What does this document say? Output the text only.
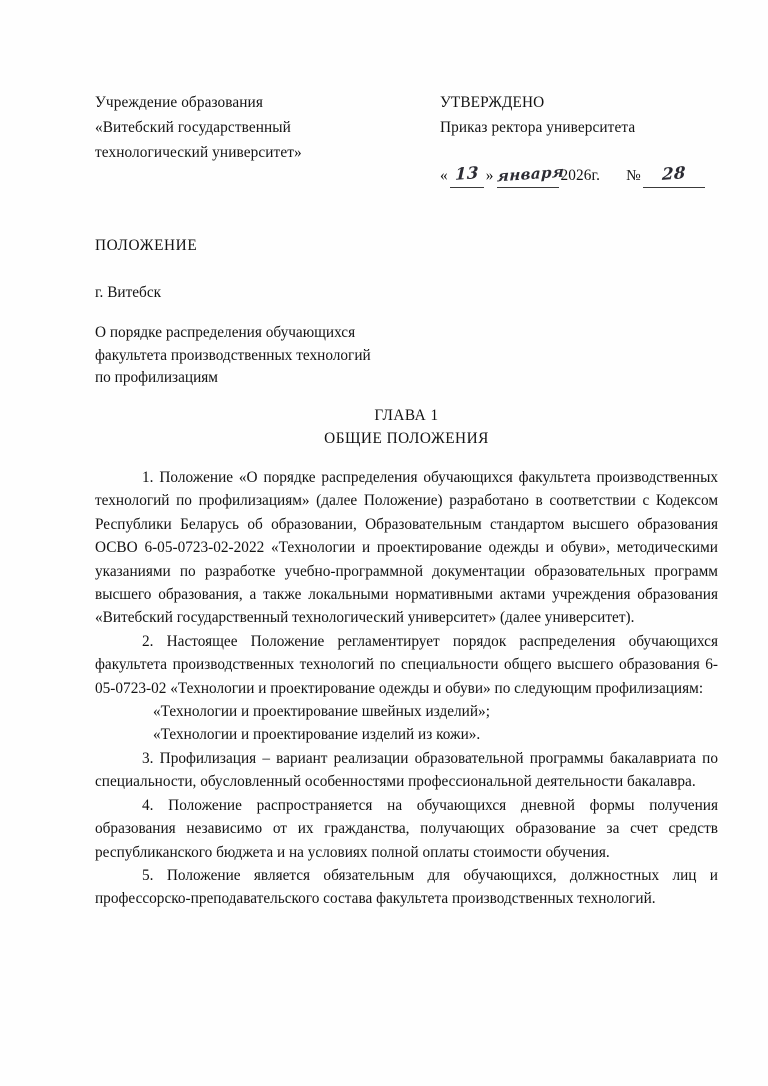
Учреждение образования
«Витебский государственный
технологический университет»
УТВЕРЖДЕНО
Приказ ректора университета
« 13 » января
2026г. №	28
ПОЛОЖЕНИЕ
г. Витебск
О порядке распределения обучающихся
факультета производственных технологий
по профилизациям
ГЛАВА 1
ОБЩИЕ ПОЛОЖЕНИЯ

1. Положение «О порядке распределения обучающихся факультета производственных технологий по профилизациям» (далее Положение) разработано в соответствии с Кодексом Республики Беларусь об образовании, Образовательным стандартом высшего образования ОСВО 6-05-0723-02-2022 «Технологии и проектирование одежды и обуви», методическими указаниями по разработке учебно-программной документации образовательных программ высшего образования, а также локальными нормативными актами учреждения образования «Витебский государственный технологический университет» (далее университет).

2. Настоящее Положение регламентирует порядок распределения обучающихся факультета производственных технологий по специальности общего высшего образования 6-05-0723-02 «Технологии и проектирование одежды и обуви» по следующим профилизациям:

«Технологии и проектирование швейных изделий»;

«Технологии и проектирование изделий из кожи».

3. Профилизация – вариант реализации образовательной программы бакалавриата по специальности, обусловленный особенностями профессиональной деятельности бакалавра.

4. Положение распространяется на обучающихся дневной формы получения образования независимо от их гражданства, получающих образование за счет средств республиканского бюджета и на условиях полной оплаты стоимости обучения.

5. Положение является обязательным для обучающихся, должностных лиц и профессорско-преподавательского состава факультета производственных технологий.
